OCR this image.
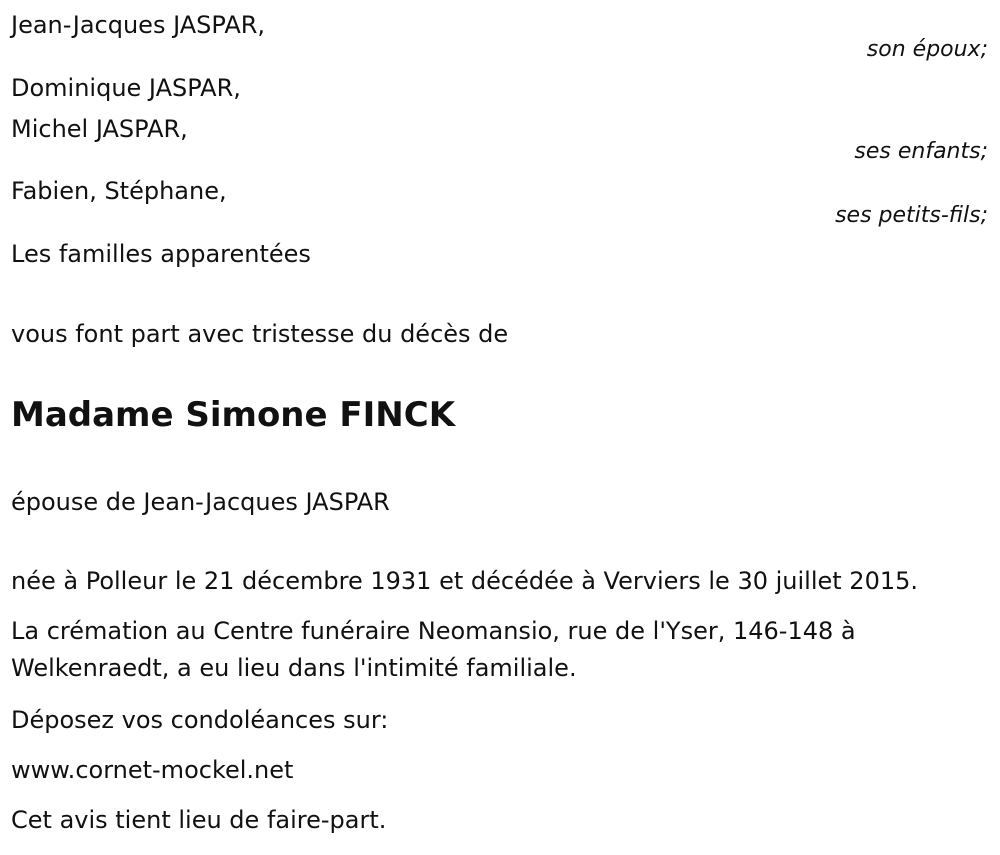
Jean-Jacques JASPAR,
son époux;
Dominique JASPAR,
Michel JASPAR,
ses enfants;
Fabien, Stéphane,
ses petits-fils;
Les familles apparentées
vous font part avec tristesse du décès de
Madame Simone FINCK
épouse de Jean-Jacques JASPAR
née à Polleur le 21 décembre 1931 et décédée à Verviers le 30 juillet 2015.
La crémation au Centre funéraire Neomansio, rue de l'Yser, 146-148 à Welkenraedt, a eu lieu dans l'intimité familiale.
Déposez vos condoléances sur:
www.cornet-mockel.net
Cet avis tient lieu de faire-part.
